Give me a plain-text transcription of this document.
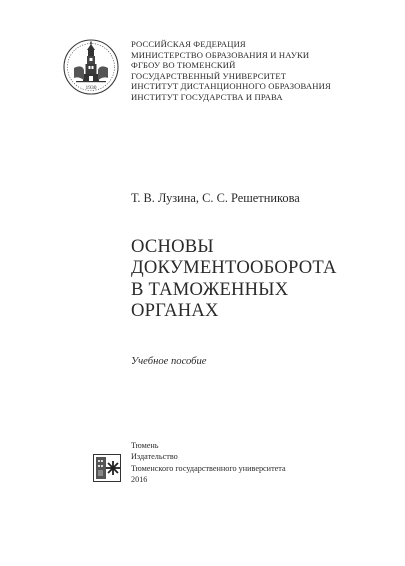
1930
РОССИЙСКАЯ ФЕДЕРАЦИЯ
МИНИСТЕРСТВО ОБРАЗОВАНИЯ И НАУКИ
ФГБОУ ВО ТЮМЕНСКИЙ
ГОСУДАРСТВЕННЫЙ УНИВЕРСИТЕТ
ИНСТИТУТ ДИСТАНЦИОННОГО ОБРАЗОВАНИЯ
ИНСТИТУТ ГОСУДАРСТВА И ПРАВА
Т. В. Лузина, С. С. Решетникова
ОСНОВЫ
ДОКУМЕНТООБОРОТА
В ТАМОЖЕННЫХ
ОРГАНАХ
Учебное пособие
Тюмень
Издательство
Тюменского государственного университета
2016
